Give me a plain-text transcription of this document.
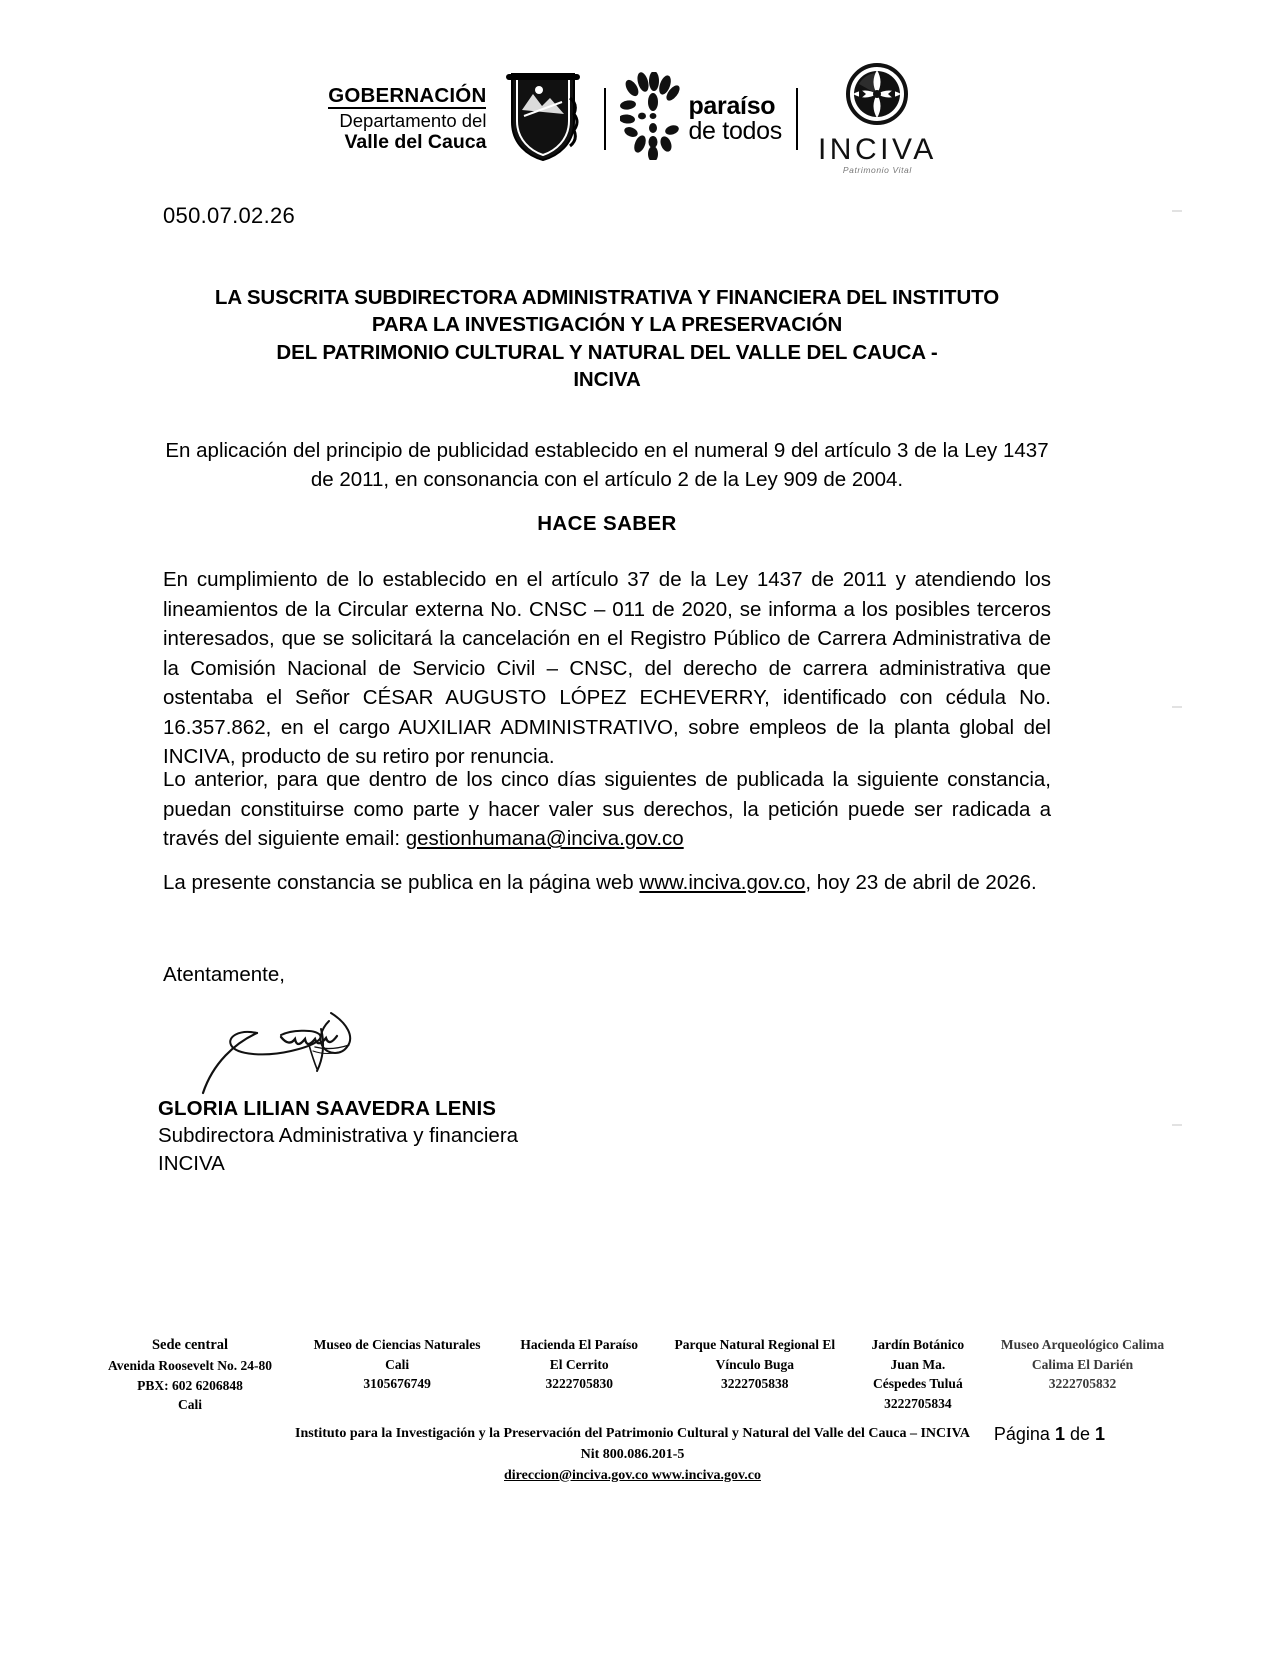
GOBERNACIÓN
Departamento del
Valle del Cauca
paraíso
de todos
INCIVA
Patrimonio Vital
050.07.02.26
LA SUSCRITA SUBDIRECTORA ADMINISTRATIVA Y FINANCIERA DEL INSTITUTO
PARA LA INVESTIGACIÓN Y LA PRESERVACIÓN
DEL PATRIMONIO CULTURAL Y NATURAL DEL VALLE DEL CAUCA -
INCIVA
En aplicación del principio de publicidad establecido en el numeral 9 del artículo 3 de la Ley 1437 de 2011, en consonancia con el artículo 2 de la Ley 909 de 2004.
HACE SABER
En cumplimiento de lo establecido en el artículo 37 de la Ley 1437 de 2011 y atendiendo los lineamientos de la Circular externa No. CNSC – 011 de 2020, se informa a los posibles terceros interesados, que se solicitará la cancelación en el Registro Público de Carrera Administrativa de la Comisión Nacional de Servicio Civil – CNSC, del derecho de carrera administrativa que ostentaba el Señor CÉSAR AUGUSTO LÓPEZ ECHEVERRY, identificado con cédula No. 16.357.862, en el cargo AUXILIAR ADMINISTRATIVO, sobre empleos de la planta global del INCIVA, producto de su retiro por renuncia.
Lo anterior, para que dentro de los cinco días siguientes de publicada la siguiente constancia, puedan constituirse como parte y hacer valer sus derechos, la petición puede ser radicada a través del siguiente email: gestionhumana@inciva.gov.co
La presente constancia se publica en la página web www.inciva.gov.co, hoy 23 de abril de 2026.
Atentamente,
GLORIA LILIAN SAAVEDRA LENIS
Subdirectora Administrativa y financiera
INCIVA
Sede central
Avenida Roosevelt No. 24-80
PBX: 602 6206848
Cali
Museo de Ciencias Naturales
Cali
3105676749
Hacienda El Paraíso
El Cerrito
3222705830
Parque Natural Regional El
Vínculo Buga
3222705838
Jardín Botánico
Juan Ma.
Céspedes Tuluá
3222705834
Museo Arqueológico Calima
Calima El Darién
3222705832
Instituto para la Investigación y la Preservación del Patrimonio Cultural y Natural del Valle del Cauca – INCIVA
Nit 800.086.201-5
direccion@inciva.gov.co www.inciva.gov.co
Página 1 de 1
